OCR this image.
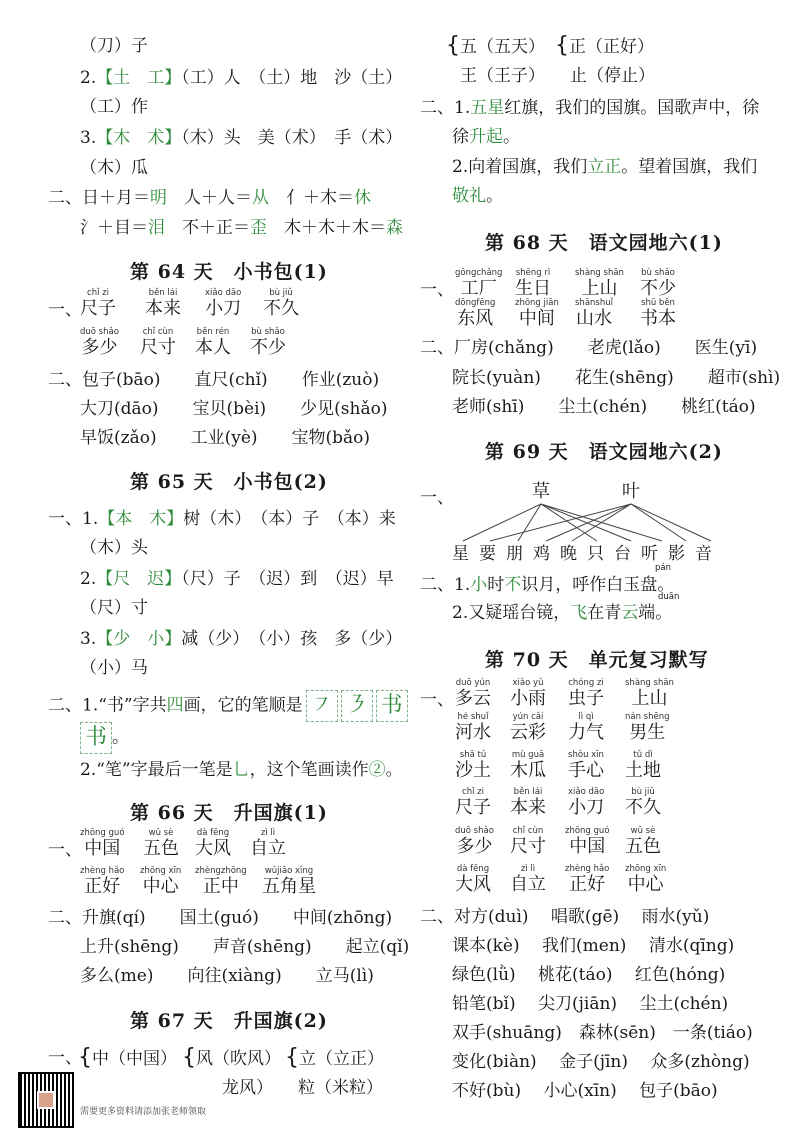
（刀）子
2.【土　工】（工）人　（土）地　沙（土）
（工）作
3.【木　术】（木）头　美（术）　手（术）
（木）瓜
二、日＋月＝明　 人＋人＝从　 亻＋木＝休
氵＋目＝泪　 不＋正＝歪　 木＋木＋木＝森
第 64 天　小书包(1)
一、
chǐ zi
尺子
běn lái
本来
xiǎo dāo
小刀
bù jiǔ
不久
duō shǎo
多少
chǐ cùn
尺寸
běn rén
本人
bù shǎo
不少
二、包子(bāo)　　直尺(chǐ)　　作业(zuò)
大刀(dāo)　　宝贝(bèi)　　少见(shǎo)
早饭(zǎo)　　工业(yè)　　宝物(bǎo)
第 65 天　小书包(2)
一、1.【本　木】树（木）　（本）子　（本）来
（木）头
2.【尺　迟】（尺）子　（迟）到　（迟）早
（尺）寸
3.【少　小】减（少）　（小）孩　多（少）
（小）马
二、1.“书”字共四画，它的笔顺是 ㇇ ㇋ 书
书 。
2.“笔”字最后一笔是乚，这个笔画读作②。
第 66 天　升国旗(1)
一、
zhōng guó
中国
wǔ sè
五色
dà fēng
大风
zì lì
自立
zhèng hǎo
正好
zhōng xīn
中心
zhèngzhōng
正中
wǔjiǎo xīng
五角星
二、升旗(qí)　　国土(guó)　　中间(zhōng)
上升(shēng)　　声音(shēng)　　起立(qǐ)
多么(me)　　向往(xiàng)　　立马(lì)
第 67 天　升国旗(2)
一、
{中（中国） {风（吹风）
龙风）
{立（立正）
粒（米粒）
需要更多资料请添加张老师领取
{五（五天）
王（王子）
{正（正好）
止（停止）
二、1.五星红旗，我们的国旗。国歌声中，徐
徐升起。
2.向着国旗，我们立正。望着国旗，我们
敬礼。
第 68 天　语文园地六(1)
一、
gōngchǎng
工厂
shēng rì
生日
shàng shān
上山
bù shǎo
不少
dōngfēng
东风
zhōng jiān
中间
shānshuǐ
山水
shū běn
书本
二、厂房(chǎng)　　老虎(lǎo)　　医生(yī)
院长(yuàn)　　花生(shēng)　　超市(shì)
老师(shī)　　尘土(chén)　　桃红(táo)
第 69 天　语文园地六(2)
一、	草	叶
星要朋鸡晚只台听影音
pán
二、1.小时不识月，呼作白玉盘。
duān
2.又疑瑶台镜，飞在青云端。
第 70 天　单元复习默写
一、
duō yún
多云
xiǎo yǔ
小雨
chóng zi
虫子
shàng shān
上山
hé shuǐ
河水
yún cǎi
云彩
lì qì
力气
nán shēng
男生
shā tǔ
沙土
mù guā
木瓜
shǒu xīn
手心
tǔ dì
土地
chǐ zi
尺子
běn lái
本来
xiǎo dāo
小刀
bù jiǔ
不久
duō shǎo
多少
chǐ cùn
尺寸
zhōng guó
中国
wǔ sè
五色
dà fēng
大风
zì lì
自立
zhèng hǎo
正好
zhōng xīn
中心
二、对方(duì)　 唱歌(gē)　 雨水(yǔ)
课本(kè)　 我们(men)　 清水(qīng)
绿色(lǜ)　 桃花(táo)　 红色(hóng)
铅笔(bǐ)　 尖刀(jiān)　 尘土(chén)
双手(shuāng)　森林(sēn)　一条(tiáo)
变化(biàn)　 金子(jīn)　 众多(zhòng)
不好(bù)　 小心(xīn)　 包子(bāo)
